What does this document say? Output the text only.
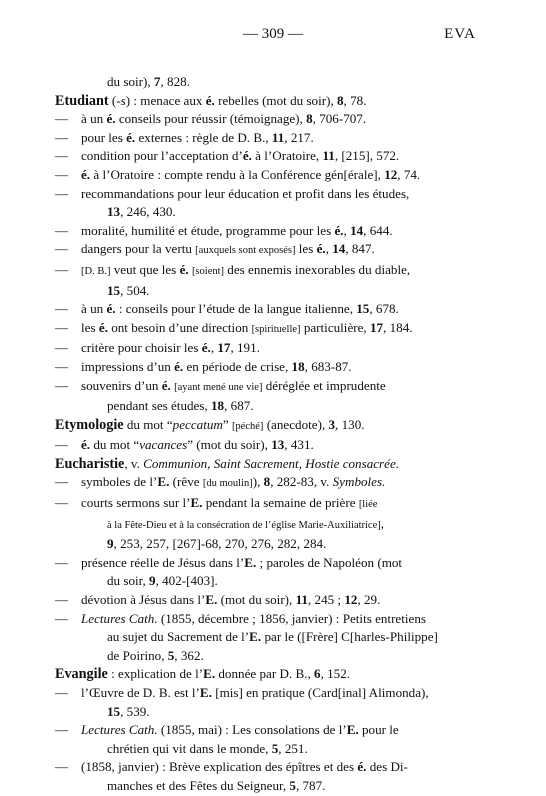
— 309 —	EVA
du soir), 7, 828.
Etudiant (-s) : menace aux é. rebelles (mot du soir), 8, 78.
— à un é. conseils pour réussir (témoignage), 8, 706-707.
— pour les é. externes : règle de D. B., 11, 217.
— condition pour l’acceptation d’é. à l’Oratoire, 11, [215], 572.
— é. à l’Oratoire : compte rendu à la Conférence gén[érale], 12, 74.
— recommandations pour leur éducation et profit dans les études,
13, 246, 430.
— moralité, humilité et étude, programme pour les é., 14, 644.
— dangers pour la vertu [auxquels sont exposés] les é., 14, 847.
— [D. B.] veut que les é. [soient] des ennemis inexorables du diable,
15, 504.
— à un é. : conseils pour l’étude de la langue italienne, 15, 678.
— les é. ont besoin d’une direction [spirituelle] particulière, 17, 184.
— critère pour choisir les é., 17, 191.
— impressions d’un é. en période de crise, 18, 683-87.
— souvenirs d’un é. [ayant mené une vie] déréglée et imprudente
pendant ses études, 18, 687.
Etymologie du mot “peccatum” [péché] (anecdote), 3, 130.
— é. du mot “vacances” (mot du soir), 13, 431.
Eucharistie, v. Communion, Saint Sacrement, Hostie consacrée.
— symboles de l’E. (rêve [du moulin]), 8, 282-83, v. Symboles.
— courts sermons sur l’E. pendant la semaine de prière [liée
à la Fête-Dieu et à la consécration de l’église Marie-Auxiliatrice],
9, 253, 257, [267]-68, 270, 276, 282, 284.
— présence réelle de Jésus dans l’E. ; paroles de Napoléon (mot
du soir, 9, 402-[403].
— dévotion à Jésus dans l’E. (mot du soir), 11, 245 ; 12, 29.
— Lectures Cath. (1855, décembre ; 1856, janvier) : Petits entretiens
au sujet du Sacrement de l’E. par le ([Frère] C[harles-Philippe]
de Poirino, 5, 362.
Evangile : explication de l’E. donnée par D. B., 6, 152.
— l’Œuvre de D. B. est l’E. [mis] en pratique (Card[inal] Alimonda),
15, 539.
— Lectures Cath. (1855, mai) : Les consolations de l’E. pour le
chrétien qui vit dans le monde, 5, 251.
— (1858, janvier) : Brève explication des épîtres et des é. des Di-
manches et des Fêtes du Seigneur, 5, 787.
